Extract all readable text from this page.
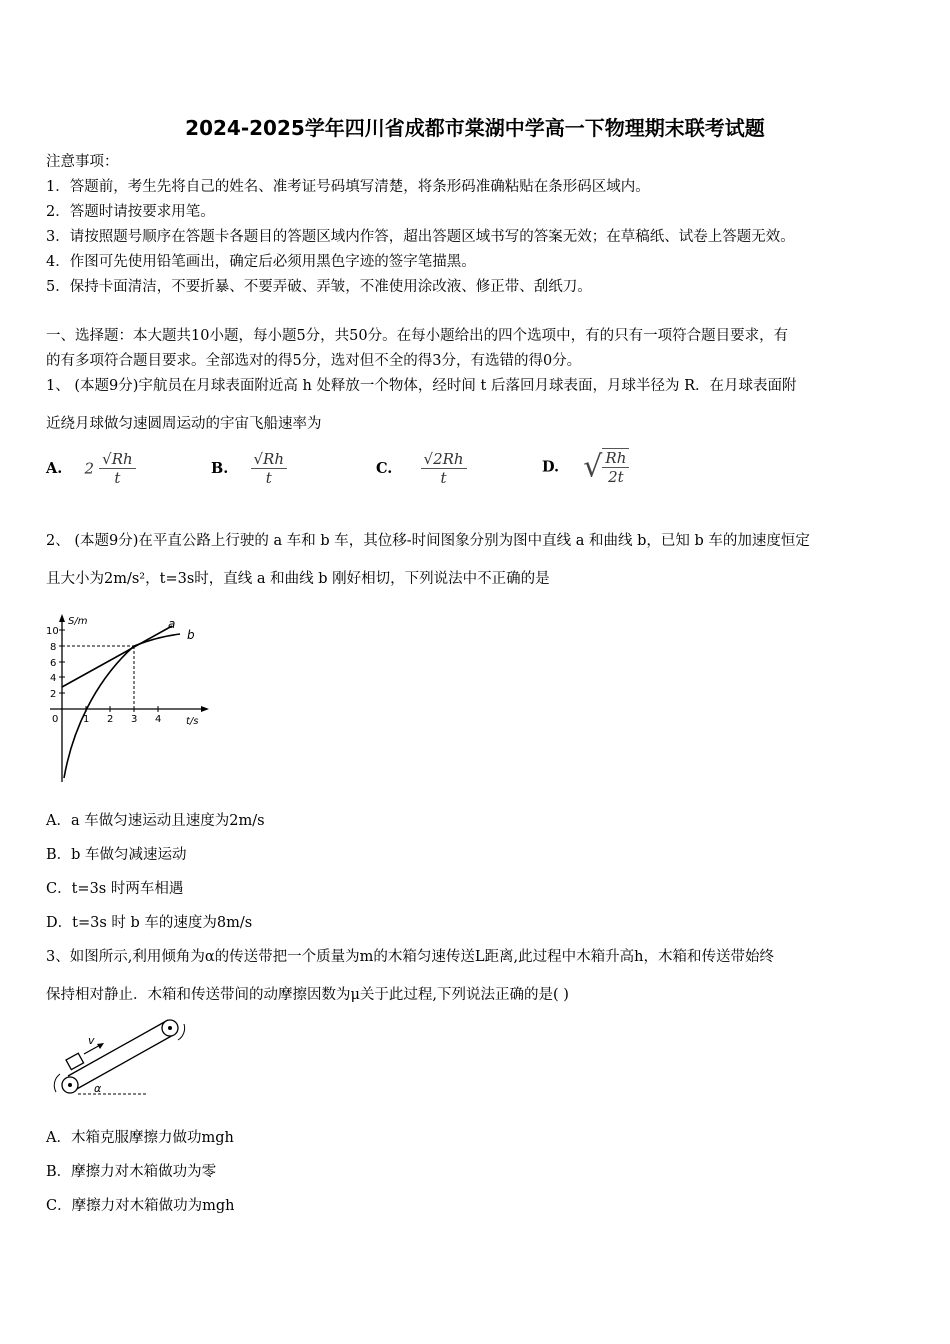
2024-2025学年四川省成都市棠湖中学高一下物理期末联考试题
注意事项：
1．答题前，考生先将自己的姓名、准考证号码填写清楚，将条形码准确粘贴在条形码区域内。
2．答题时请按要求用笔。
3．请按照题号顺序在答题卡各题目的答题区域内作答，超出答题区域书写的答案无效；在草稿纸、试卷上答题无效。
4．作图可先使用铅笔画出，确定后必须用黑色字迹的签字笔描黑。
5．保持卡面清洁，不要折暴、不要弄破、弄皱，不准使用涂改液、修正带、刮纸刀。
一、选择题：本大题共10小题，每小题5分，共50分。在每小题给出的四个选项中，有的只有一项符合题目要求，有
的有多项符合题目要求。全部选对的得5分，选对但不全的得3分，有选错的得0分。
1、 (本题9分)宇航员在月球表面附近高 h 处释放一个物体，经时间 t 后落回月球表面，月球半径为 R．在月球表面附
近绕月球做匀速圆周运动的宇宙飞船速率为
A. $2 \frac{√Rh}{t}$	B. $\frac{√Rh}{t}$	C. $\frac{√2Rh}{t}$	D. √ $\frac{Rh}{2t}$
2、 (本题9分)在平直公路上行驶的 a 车和 b 车，其位移-时间图象分别为图中直线 a 和曲线 b，已知 b 车的加速度恒定
且大小为2m/s²，t=3s时，直线 a 和曲线 b 刚好相切，下列说法中不正确的是
S/m
t/s
10
8
6
4
2
0 1 2 3 4
a
b
A．a 车做匀速运动且速度为2m/s
B．b 车做匀减速运动
C．t=3s 时两车相遇
D．t=3s 时 b 车的速度为8m/s
3、如图所示,利用倾角为α的传送带把一个质量为m的木箱匀速传送L距离,此过程中木箱升高h，木箱和传送带始终
保持相对静止．木箱和传送带间的动摩擦因数为μ关于此过程,下列说法正确的是( )
v
α
A．木箱克服摩擦力做功mgh
B．摩擦力对木箱做功为零
C．摩擦力对木箱做功为mgh
